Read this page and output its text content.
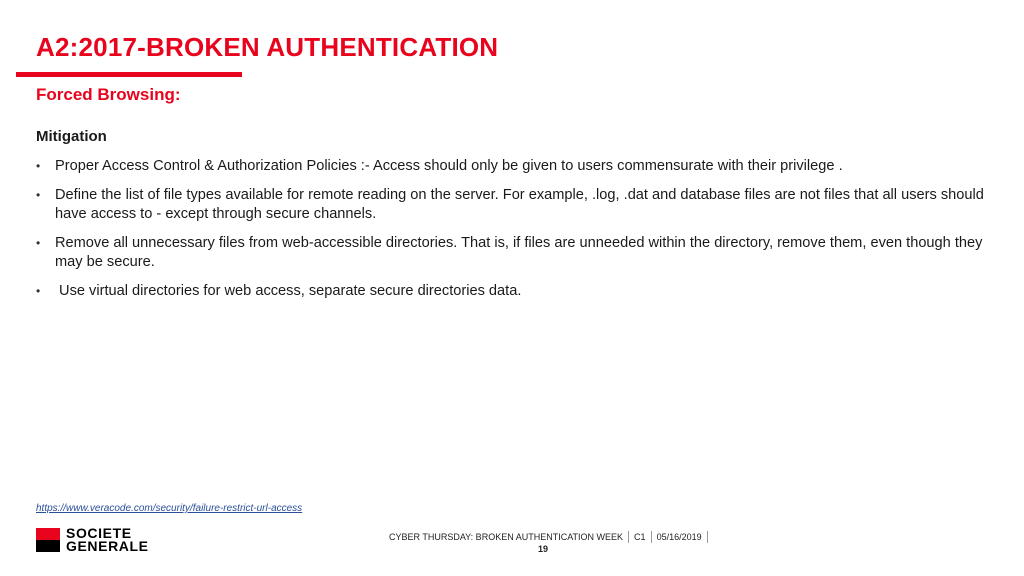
A2:2017-BROKEN AUTHENTICATION
Forced Browsing:
Mitigation
• Proper Access Control & Authorization Policies :- Access should only be given to users commensurate with their privilege .
• Define the list of file types available for remote reading on the server. For example, .log, .dat and database files are not files that all users should have access to - except through secure channels.
• Remove all unnecessary files from web-accessible directories. That is, if files are unneeded within the directory, remove them, even though they may be secure.
• Use virtual directories for web access, separate secure directories data.
https://www.veracode.com/security/failure-restrict-url-access
SOCIETE
GENERALE
CYBER THURSDAY: BROKEN AUTHENTICATION WEEK C1 05/16/2019
19
